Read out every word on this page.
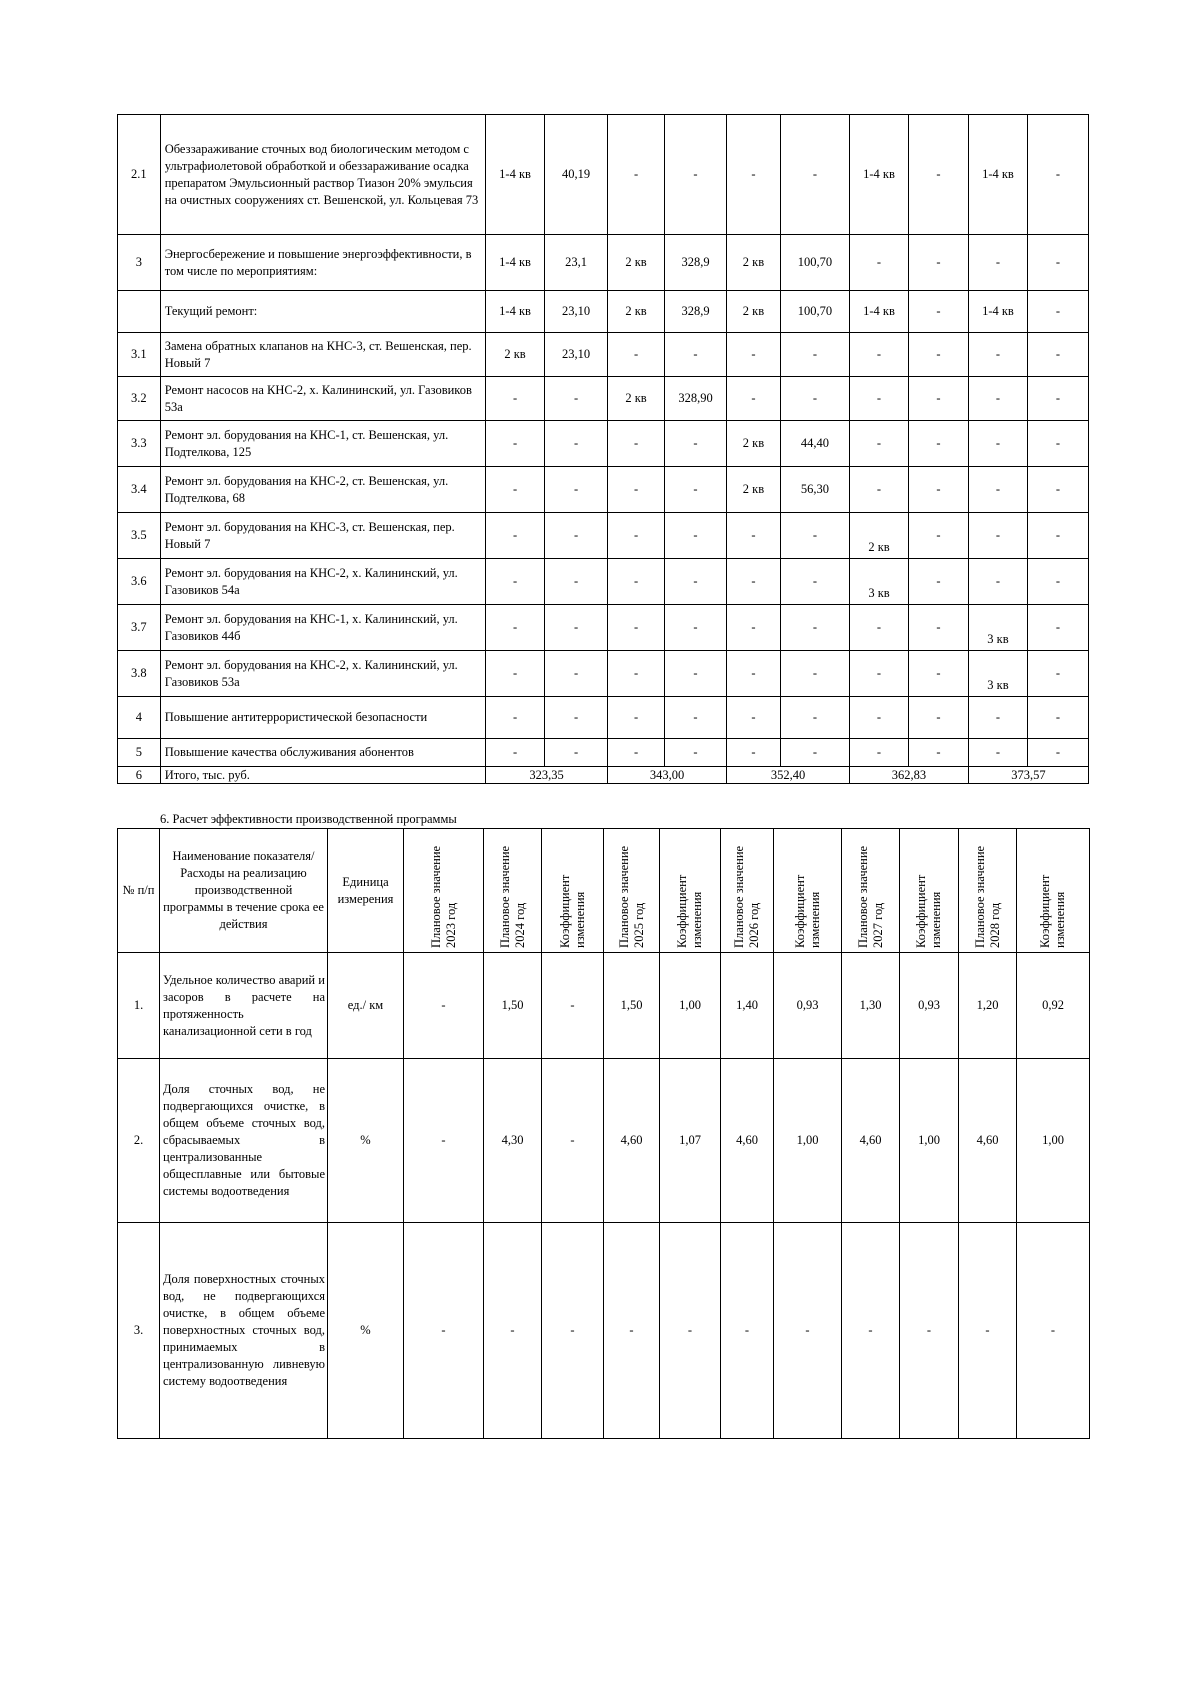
2.1	Обеззараживание сточных вод биологическим методом с ультрафиолетовой обработкой и обеззараживание осадка препаратом Эмульсионный раствор Тиазон 20% эмульсия на очистных сооружениях ст. Вешенской, ул. Кольцевая 73	1-4 кв	40,19	-	-	-	-	1-4 кв	-	1-4 кв	-
3	Энергосбережение и повышение энергоэффективности, в том числе по мероприятиям:	1-4 кв	23,1	2 кв	328,9	2 кв	100,70	-	-	-	-
	Текущий ремонт:	1-4 кв	23,10	2 кв	328,9	2 кв	100,70	1-4 кв	-	1-4 кв	-
3.1	Замена обратных клапанов на КНС-3, ст. Вешенская, пер. Новый 7	2 кв	23,10	-	-	-	-	-	-	-	-
3.2	Ремонт насосов на КНС-2, х. Калининский, ул. Газовиков 53а	-	-	2 кв	328,90	-	-	-	-	-	-
3.3	Ремонт эл. борудования на КНС-1, ст. Вешенская, ул. Подтелкова, 125	-	-	-	-	2 кв	44,40	-	-	-	-
3.4	Ремонт эл. борудования на КНС-2, ст. Вешенская, ул. Подтелкова, 68	-	-	-	-	2 кв	56,30	-	-	-	-
3.5	Ремонт эл. борудования на КНС-3, ст. Вешенская, пер. Новый 7	-	-	-	-	-	-	2 кв	-	-	-
3.6	Ремонт эл. борудования на КНС-2, х. Калининский, ул. Газовиков 54а	-	-	-	-	-	-	3 кв	-	-	-
3.7	Ремонт эл. борудования на КНС-1, х. Калининский, ул. Газовиков 44б	-	-	-	-	-	-	-	-	3 кв	-
3.8	Ремонт эл. борудования на КНС-2, х. Калининский, ул. Газовиков 53а	-	-	-	-	-	-	-	-	3 кв	-
4	Повышение антитеррористической безопасности	-	-	-	-	-	-	-	-	-	-
5	Повышение качества обслуживания абонентов	-	-	-	-	-	-	-	-	-	-
6	Итого, тыс. руб.	323,35		343,00		352,40		362,83		373,57	
6. Расчет эффективности производственной программы
№ п/п	Наименование показателя/Расходы на реализацию производственной программы в течение срока ее действия	Единица измерения	Плановое значение 2023 год	Плановое значение 2024 год	Коэффициент изменения	Плановое значение 2025 год	Коэффициент изменения	Плановое значение 2026 год	Коэффициент изменения	Плановое значение 2027 год	Коэффициент изменения	Плановое значение 2028 год	Коэффициент изменения

1.	Удельное количество аварий и засоров в расчете на протяженность канализационной сети в год	ед./ км	-	1,50	-	1,50	1,00	1,40	0,93	1,30	0,93	1,20	0,92
2.	Доля сточных вод, не подвергающихся очистке, в общем объеме сточных вод, сбрасываемых в централизованные общесплавные или бытовые системы водоотведения	%	-	4,30	-	4,60	1,07	4,60	1,00	4,60	1,00	4,60	1,00
3.	Доля поверхностных сточных вод, не подвергающихся очистке, в общем объеме поверхностных сточных вод, принимаемых в централизованную ливневую систему водоотведения	%	-	-	-	-	-	-	-	-	-	-	-
